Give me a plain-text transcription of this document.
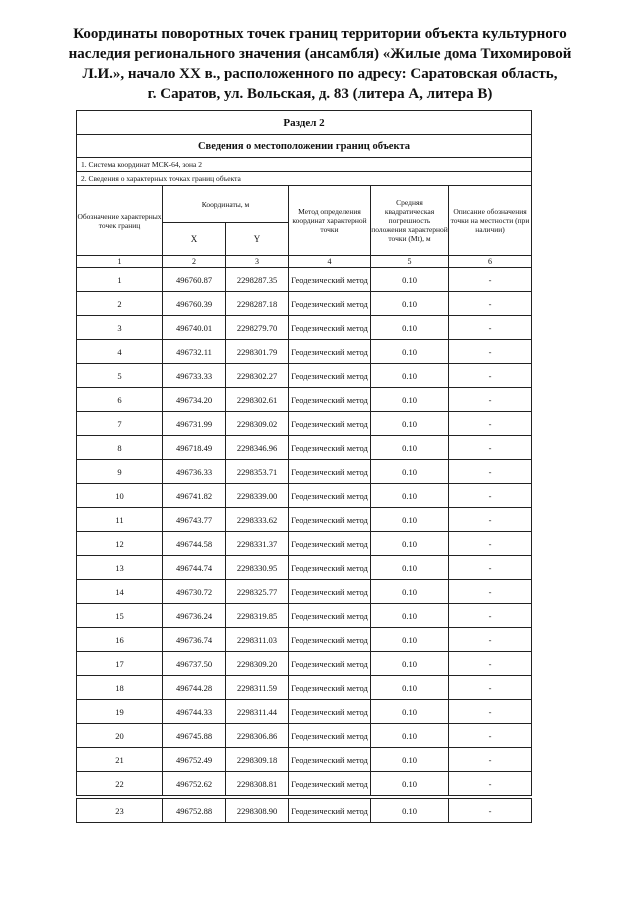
Координаты поворотных точек границ территории объекта культурного
наследия регионального значения (ансамбля) «Жилые дома Тихомировой
Л.И.», начало XX в., расположенного по адресу: Саратовская область,
г. Саратов, ул. Вольская, д. 83 (литера А, литера В)
Раздел 2					
Сведения о местоположении границ объекта					
1. Система координат МСК-64, зона 2					
2. Сведения о характерных точках границ объекта					
Обозначение характерных точек границ	Координаты, м		Метод определения координат характерной точки	Средняя квадратическая погрешность положения характерной точки (Mt), м	Описание обозначения точки на местности (при наличии)
	X	Y			
1	2	3	4	5	6
1	496760.87	2298287.35	Геодезический метод	0.10	-
2	496760.39	2298287.18	Геодезический метод	0.10	-
3	496740.01	2298279.70	Геодезический метод	0.10	-
4	496732.11	2298301.79	Геодезический метод	0.10	-
5	496733.33	2298302.27	Геодезический метод	0.10	-
6	496734.20	2298302.61	Геодезический метод	0.10	-
7	496731.99	2298309.02	Геодезический метод	0.10	-
8	496718.49	2298346.96	Геодезический метод	0.10	-
9	496736.33	2298353.71	Геодезический метод	0.10	-
10	496741.82	2298339.00	Геодезический метод	0.10	-
11	496743.77	2298333.62	Геодезический метод	0.10	-
12	496744.58	2298331.37	Геодезический метод	0.10	-
13	496744.74	2298330.95	Геодезический метод	0.10	-
14	496730.72	2298325.77	Геодезический метод	0.10	-
15	496736.24	2298319.85	Геодезический метод	0.10	-
16	496736.74	2298311.03	Геодезический метод	0.10	-
17	496737.50	2298309.20	Геодезический метод	0.10	-
18	496744.28	2298311.59	Геодезический метод	0.10	-
19	496744.33	2298311.44	Геодезический метод	0.10	-
20	496745.88	2298306.86	Геодезический метод	0.10	-
21	496752.49	2298309.18	Геодезический метод	0.10	-
22	496752.62	2298308.81	Геодезический метод	0.10	-

23	496752.88	2298308.90	Геодезический метод	0.10	-
